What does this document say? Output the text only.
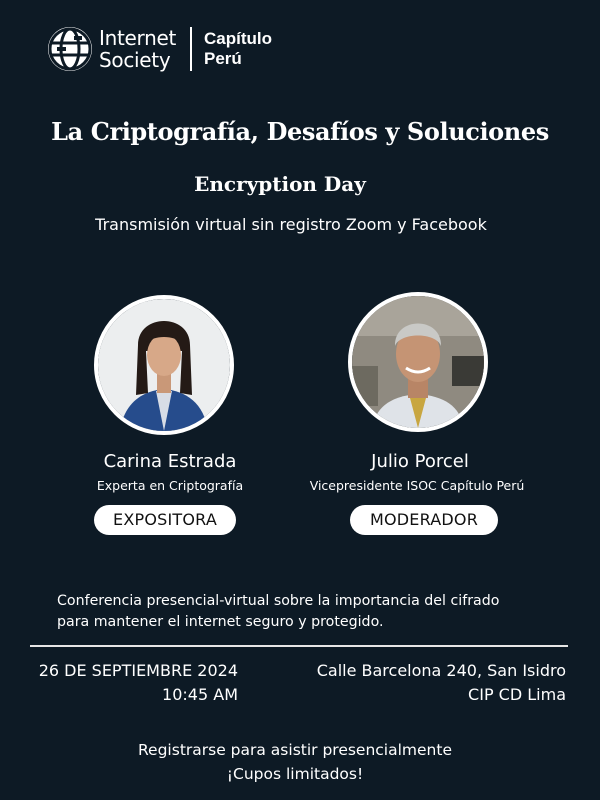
Internet
Society
Capítulo
Perú
La Criptografía, Desafíos y Soluciones
Encryption Day
Transmisión virtual sin registro Zoom y Facebook
Carina Estrada
Experta en Criptografía
EXPOSITORA
Julio Porcel
Vicepresidente ISOC Capítulo Perú
MODERADOR
Conferencia presencial-virtual sobre la importancia del cifrado
para mantener el internet seguro y protegido.
26 DE SEPTIEMBRE 2024
10:45 AM
Calle Barcelona 240, San Isidro
CIP CD Lima
Registrarse para asistir presencialmente
¡Cupos limitados!
